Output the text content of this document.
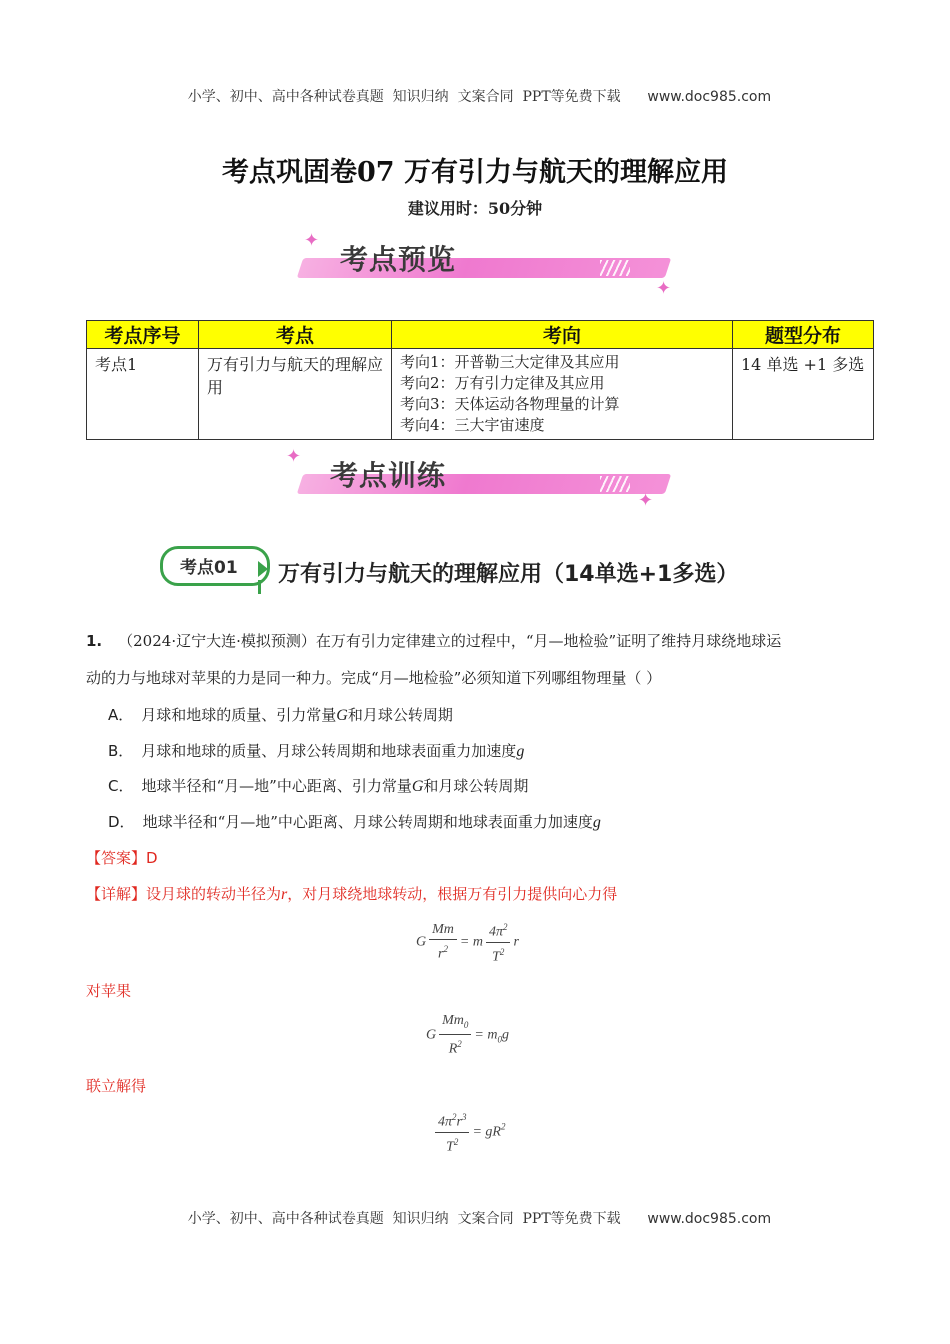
小学、初中、高中各种试卷真题  知识归纳  文案合同  PPT等免费下载 www.doc985.com

考点巩固卷07 万有引力与航天的理解应用
建议用时：50分钟
考点预览
✦
✦
考点序号	考点	考向	题型分布
考点1	万有引力与航天的理解应用	考向1：开普勒三大定律及其应用
考向2：万有引力定律及其应用
考向3：天体运动各物理量的计算
考向4：三大宇宙速度	14 单选 +1 多选
考点训练
✦
✦
考点01 万有引力与航天的理解应用（14单选+1多选）
1. （2024·辽宁大连·模拟预测）在万有引力定律建立的过程中，“月—地检验”证明了维持月球绕地球运
动的力与地球对苹果的力是同一种力。完成“月—地检验”必须知道下列哪组物理量（ ）
A． 月球和地球的质量、引力常量G和月球公转周期
B． 月球和地球的质量、月球公转周期和地球表面重力加速度g
C． 地球半径和“月—地”中心距离、引力常量G和月球公转周期
D． 地球半径和“月—地”中心距离、月球公转周期和地球表面重力加速度g
【答案】D
【详解】设月球的转动半径为r，对月球绕地球转动，根据万有引力提供向心力得
G $\frac{Mm}{r^2} = m \frac{4\pi^2}{T^2}$ r
对苹果
G $\frac{Mm_0}{R^2} = m_0g$
联立解得
$\frac{4\pi^2r^3}{T^2} = gR^2$

小学、初中、高中各种试卷真题  知识归纳  文案合同  PPT等免费下载 www.doc985.com
